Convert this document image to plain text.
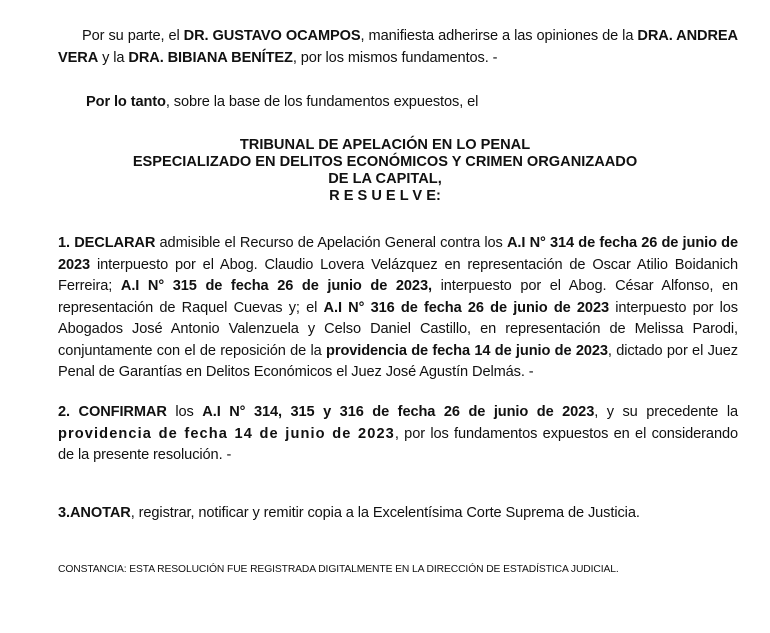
Por su parte, el DR. GUSTAVO OCAMPOS, manifiesta adherirse a las opiniones de la DRA. ANDREA VERA y la DRA. BIBIANA BENÍTEZ, por los mismos fundamentos. -

Por lo tanto, sobre la base de los fundamentos expuestos, el

TRIBUNAL DE APELACIÓN EN LO PENAL
ESPECIALIZADO EN DELITOS ECONÓMICOS Y CRIMEN ORGANIZAADO
DE LA CAPITAL,
R E S U E L V E:

1. DECLARAR admisible el Recurso de Apelación General contra los A.I N° 314 de fecha 26 de junio de 2023 interpuesto por el Abog. Claudio Lovera Velázquez en representación de Oscar Atilio Boidanich Ferreira; A.I N° 315 de fecha 26 de junio de 2023, interpuesto por el Abog. César Alfonso, en representación de Raquel Cuevas y; el A.I N° 316 de fecha 26 de junio de 2023 interpuesto por los Abogados José Antonio Valenzuela y Celso Daniel Castillo, en representación de Melissa Parodi, conjuntamente con el de reposición de la providencia de fecha 14 de junio de 2023, dictado por el Juez Penal de Garantías en Delitos Económicos el Juez José Agustín Delmás. -

2. CONFIRMAR los A.I N° 314, 315 y 316 de fecha 26 de junio de 2023, y su precedente la providencia de fecha 14 de junio de 2023, por los fundamentos expuestos en el considerando de la presente resolución. -

3.ANOTAR, registrar, notificar y remitir copia a la Excelentísima Corte Suprema de Justicia.

CONSTANCIA: ESTA RESOLUCIÓN FUE REGISTRADA DIGITALMENTE EN LA DIRECCIÓN DE ESTADÍSTICA JUDICIAL.
